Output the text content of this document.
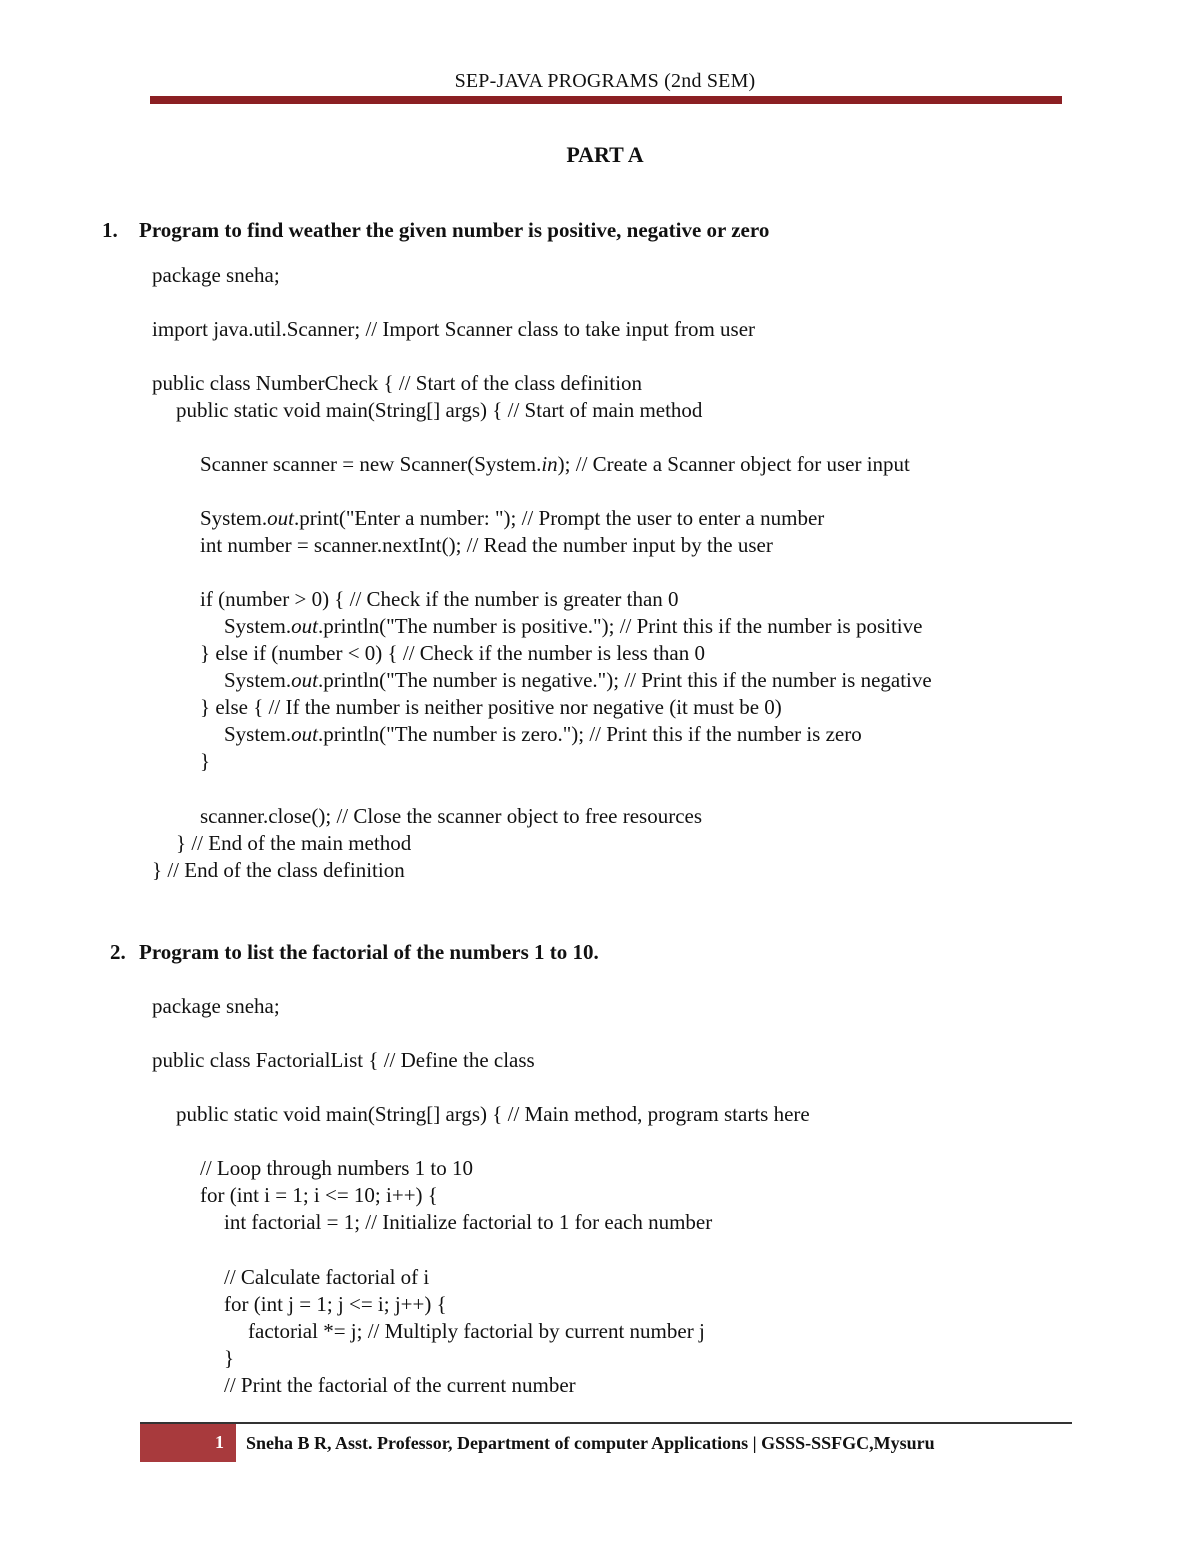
SEP-JAVA PROGRAMS (2nd SEM)
PART A
1. Program to find weather the given number is positive, negative or zero
package sneha;
import java.util.Scanner; // Import Scanner class to take input from user
public class NumberCheck { // Start of the class definition
public static void main(String[] args) { // Start of main method
Scanner scanner = new Scanner(System.in); // Create a Scanner object for user input
System.out.print("Enter a number: "); // Prompt the user to enter a number
int number = scanner.nextInt(); // Read the number input by the user
if (number > 0) { // Check if the number is greater than 0
System.out.println("The number is positive."); // Print this if the number is positive
} else if (number < 0) { // Check if the number is less than 0
System.out.println("The number is negative."); // Print this if the number is negative
} else { // If the number is neither positive nor negative (it must be 0)
System.out.println("The number is zero."); // Print this if the number is zero
}
scanner.close(); // Close the scanner object to free resources
} // End of the main method
} // End of the class definition
2. Program to list the factorial of the numbers 1 to 10.
package sneha;
public class FactorialList { // Define the class
public static void main(String[] args) { // Main method, program starts here
// Loop through numbers 1 to 10
for (int i = 1; i <= 10; i++) {
int factorial = 1; // Initialize factorial to 1 for each number
// Calculate factorial of i
for (int j = 1; j <= i; j++) {
factorial *= j; // Multiply factorial by current number j
}
// Print the factorial of the current number
1 Sneha B R, Asst. Professor, Department of computer Applications | GSSS-SSFGC,Mysuru
